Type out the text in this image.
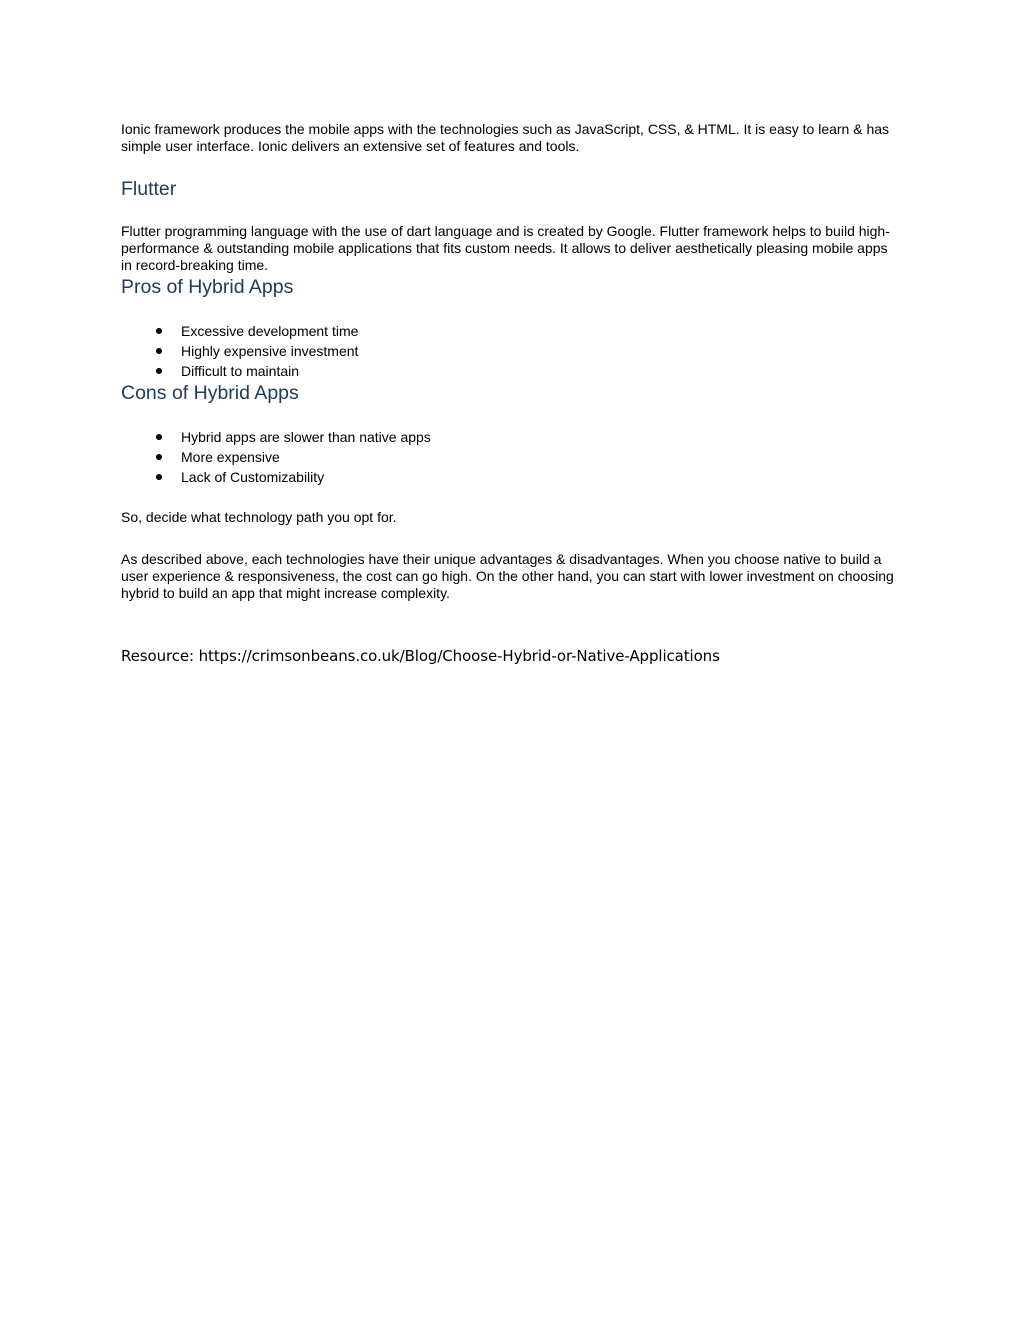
Ionic framework produces the mobile apps with the technologies such as JavaScript, CSS, & HTML. It is easy to learn & has simple user interface. Ionic delivers an extensive set of features and tools.

Flutter

Flutter programming language with the use of dart language and is created by Google. Flutter framework helps to build high-performance & outstanding mobile applications that fits custom needs. It allows to deliver aesthetically pleasing mobile apps in record-breaking time.

Pros of Hybrid Apps
Excessive development time
Highly expensive investment
Difficult to maintain
Cons of Hybrid Apps
Hybrid apps are slower than native apps
More expensive
Lack of Customizability

So, decide what technology path you opt for.

As described above, each technologies have their unique advantages & disadvantages. When you choose native to build a user experience & responsiveness, the cost can go high. On the other hand, you can start with lower investment on choosing hybrid to build an app that might increase complexity.

Resource: https://crimsonbeans.co.uk/Blog/Choose-Hybrid-or-Native-Applications
